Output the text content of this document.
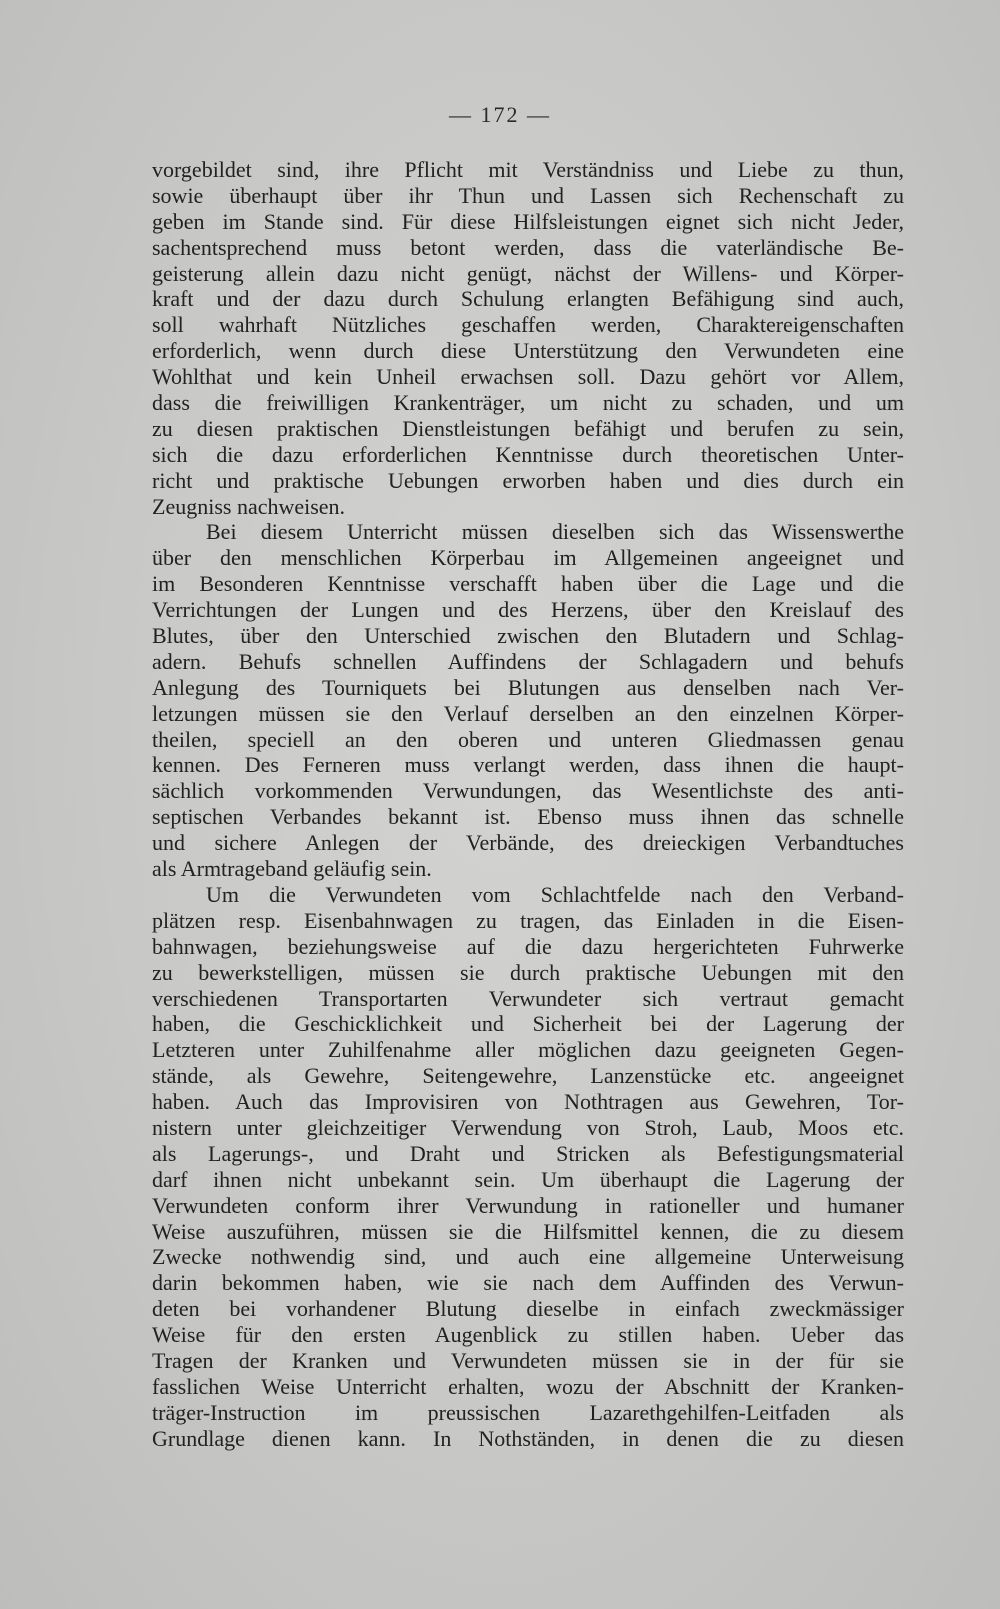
— 172 —
vorgebildet sind, ihre Pflicht mit Verständniss und Liebe zu thun,
sowie überhaupt über ihr Thun und Lassen sich Rechenschaft zu
geben im Stande sind. Für diese Hilfsleistungen eignet sich nicht Jeder,
sachentsprechend muss betont werden, dass die vaterländische Be-
geisterung allein dazu nicht genügt, nächst der Willens- und Körper-
kraft und der dazu durch Schulung erlangten Befähigung sind auch,
soll wahrhaft Nützliches geschaffen werden, Charaktereigenschaften
erforderlich, wenn durch diese Unterstützung den Verwundeten eine
Wohlthat und kein Unheil erwachsen soll. Dazu gehört vor Allem,
dass die freiwilligen Krankenträger, um nicht zu schaden, und um
zu diesen praktischen Dienstleistungen befähigt und berufen zu sein,
sich die dazu erforderlichen Kenntnisse durch theoretischen Unter-
richt und praktische Uebungen erworben haben und dies durch ein
Zeugniss nachweisen.
Bei diesem Unterricht müssen dieselben sich das Wissenswerthe
über den menschlichen Körperbau im Allgemeinen angeeignet und
im Besonderen Kenntnisse verschafft haben über die Lage und die
Verrichtungen der Lungen und des Herzens, über den Kreislauf des
Blutes, über den Unterschied zwischen den Blutadern und Schlag-
adern. Behufs schnellen Auffindens der Schlagadern und behufs
Anlegung des Tourniquets bei Blutungen aus denselben nach Ver-
letzungen müssen sie den Verlauf derselben an den einzelnen Körper-
theilen, speciell an den oberen und unteren Gliedmassen genau
kennen. Des Ferneren muss verlangt werden, dass ihnen die haupt-
sächlich vorkommenden Verwundungen, das Wesentlichste des anti-
septischen Verbandes bekannt ist. Ebenso muss ihnen das schnelle
und sichere Anlegen der Verbände, des dreieckigen Verbandtuches
als Armtrageband geläufig sein.
Um die Verwundeten vom Schlachtfelde nach den Verband-
plätzen resp. Eisenbahnwagen zu tragen, das Einladen in die Eisen-
bahnwagen, beziehungsweise auf die dazu hergerichteten Fuhrwerke
zu bewerkstelligen, müssen sie durch praktische Uebungen mit den
verschiedenen Transportarten Verwundeter sich vertraut gemacht
haben, die Geschicklichkeit und Sicherheit bei der Lagerung der
Letzteren unter Zuhilfenahme aller möglichen dazu geeigneten Gegen-
stände, als Gewehre, Seitengewehre, Lanzenstücke etc. angeeignet
haben. Auch das Improvisiren von Nothtragen aus Gewehren, Tor-
nistern unter gleichzeitiger Verwendung von Stroh, Laub, Moos etc.
als Lagerungs-, und Draht und Stricken als Befestigungsmaterial
darf ihnen nicht unbekannt sein. Um überhaupt die Lagerung der
Verwundeten conform ihrer Verwundung in rationeller und humaner
Weise auszuführen, müssen sie die Hilfsmittel kennen, die zu diesem
Zwecke nothwendig sind, und auch eine allgemeine Unterweisung
darin bekommen haben, wie sie nach dem Auffinden des Verwun-
deten bei vorhandener Blutung dieselbe in einfach zweckmässiger
Weise für den ersten Augenblick zu stillen haben. Ueber das
Tragen der Kranken und Verwundeten müssen sie in der für sie
fasslichen Weise Unterricht erhalten, wozu der Abschnitt der Kranken-
träger-Instruction im preussischen Lazarethgehilfen-Leitfaden als
Grundlage dienen kann. In Nothständen, in denen die zu diesen
